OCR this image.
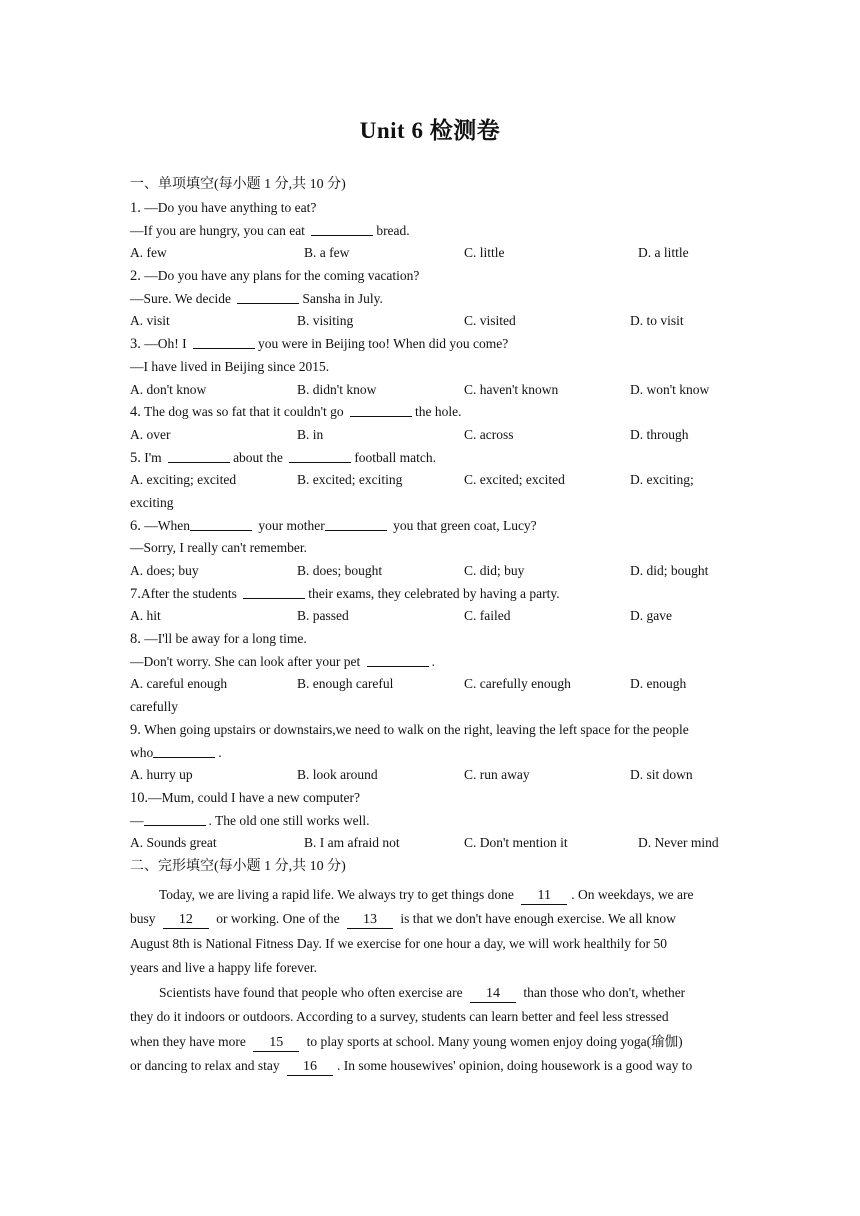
Unit 6 检测卷
一、单项填空(每小题 1 分,共 10 分)
1. —Do you have anything to eat?
—If you are hungry, you can eat	bread.
A. few	B. a few	C. little	D. a little
2. —Do you have any plans for the coming vacation?
—Sure. We decide	Sansha in July.
A. visit	B. visiting	C. visited	D. to visit
3. —Oh! I	you were in Beijing too! When did you come?
—I have lived in Beijing since 2015.
A. don't know	B. didn't know	C. haven't known	D. won't know
4. The dog was so fat that it couldn't go	the hole.
A. over	B. in	C. across	D. through
5. I'm	about the	football match.
A. exciting; excited	B. excited; exciting	C. excited; excited	D. exciting;
exciting
6. —When	your mother	you that green coat, Lucy?
—Sorry, I really can't remember.
A. does; buy	B. does; bought	C. did; buy	D. did; bought
7.After the students	their exams, they celebrated by having a party.
A. hit	B. passed	C. failed	D. gave
8. —I'll be away for a long time.
—Don't worry. She can look after your pet	.
A. careful enough	B. enough careful	C. carefully enough	D. enough
carefully
9. When going upstairs or downstairs,we need to walk on the right, leaving the left space for the people
who	.
A. hurry up	B. look around	C. run away	D. sit down
10.—Mum, could I have a new computer?
—	. The old one still works well.
A. Sounds great	B. I am afraid not	C. Don't mention it	D. Never mind
二、完形填空(每小题 1 分,共 10 分)
Today, we are living a rapid life. We always try to get things done 11 . On weekdays, we are
busy 12 or working. One of the 13 is that we don't have enough exercise. We all know
August 8th is National Fitness Day. If we exercise for one hour a day, we will work healthily for 50
years and live a happy life forever.
Scientists have found that people who often exercise are 14 than those who don't, whether
they do it indoors or outdoors. According to a survey, students can learn better and feel less stressed
when they have more 15 to play sports at school. Many young women enjoy doing yoga(瑜伽)
or dancing to relax and stay 16 . In some housewives' opinion, doing housework is a good way to
